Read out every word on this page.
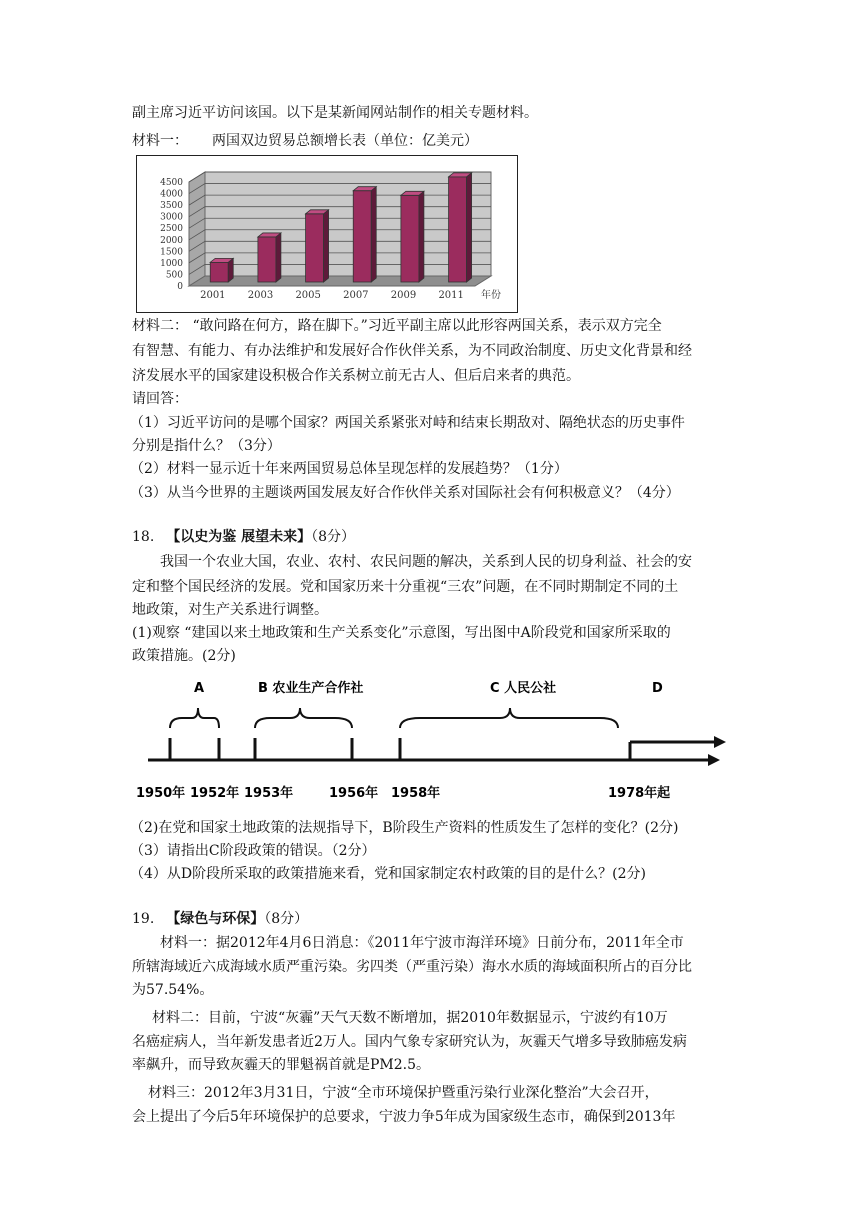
副主席习近平访问该国。以下是某新闻网站制作的相关专题材料。
材料一： 两国双边贸易总额增长表（单位：亿美元）
0
500
1000
1500
2000
2500
3000
3500
4000
4500
2001 2003 2005 2007 2009 2011 年份
材料二： “敢问路在何方，路在脚下。”习近平副主席以此形容两国关系，表示双方完全
有智慧、有能力、有办法维护和发展好合作伙伴关系，为不同政治制度、历史文化背景和经
济发展水平的国家建设积极合作关系树立前无古人、但后启来者的典范。
请回答：
（1）习近平访问的是哪个国家？两国关系紧张对峙和结束长期敌对、隔绝状态的历史事件
分别是指什么？（3分）
（2）材料一显示近十年来两国贸易总体呈现怎样的发展趋势？（1分）
（3）从当今世界的主题谈两国发展友好合作伙伴关系对国际社会有何积极意义？（4分）
18. 【以史为鉴 展望未来】（8分）
我国一个农业大国，农业、农村、农民问题的解决，关系到人民的切身利益、社会的安
定和整个国民经济的发展。党和国家历来十分重视“三农”问题，在不同时期制定不同的土
地政策，对生产关系进行调整。
(1)观察 “建国以来土地政策和生产关系变化”示意图，写出图中A阶段党和国家所采取的
政策措施。(2分)
A	B 农业生产合作社	C 人民公社	D
1950年 1952年 1953年	1956年 1958年	1978年起
（2)在党和国家土地政策的法规指导下，B阶段生产资料的性质发生了怎样的变化？(2分)
（3）请指出C阶段政策的错误。（2分）
（4）从D阶段所采取的政策措施来看，党和国家制定农村政策的目的是什么？(2分)
19. 【绿色与环保】（8分）
材料一：据2012年4月6日消息：《2011年宁波市海洋环境》日前分布，2011年全市
所辖海域近六成海域水质严重污染。劣四类（严重污染）海水水质的海域面积所占的百分比
为57.54%。
材料二：目前，宁波“灰霾”天气天数不断增加，据2010年数据显示，宁波约有10万
名癌症病人，当年新发患者近2万人。国内气象专家研究认为，灰霾天气增多导致肺癌发病
率飙升，而导致灰霾天的罪魁祸首就是PM2.5。
材料三：2012年3月31日，宁波“全市环境保护暨重污染行业深化整治”大会召开，
会上提出了今后5年环境保护的总要求，宁波力争5年成为国家级生态市，确保到2013年
